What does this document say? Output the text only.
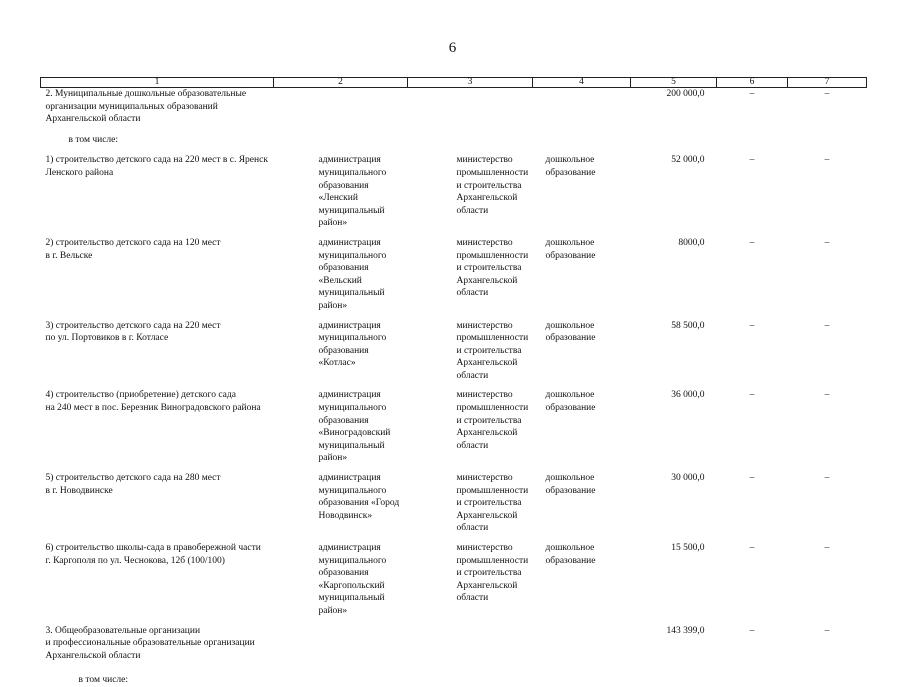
6
1	2	3	4	5	6	7

2. Муниципальные дошкольные образовательные
организации муниципальных образований
Архангельской области
в том числе:				200 000,0	–	–

1) строительство детского сада на 220 мест в с. Яренск
Ленского района	администрация
муниципального
образования «Ленский
муниципальный район»	министерство
промышленности
и строительства
Архангельской области	дошкольное
образование	52 000,0	–	–

2) строительство детского сада на 120 мест
в г. Вельске	администрация
муниципального
образования «Вельский
муниципальный район»	министерство
промышленности
и строительства
Архангельской области	дошкольное
образование	8000,0	–	–

3) строительство детского сада на 220 мест
по ул. Портовиков в г. Котласе	администрация
муниципального
образования «Котлас»	министерство
промышленности
и строительства
Архангельской области	дошкольное
образование	58 500,0	–	–

4) строительство (приобретение) детского сада
на 240 мест в пос. Березник Виноградовского района	администрация
муниципального
образования
«Виноградовский
муниципальный район»	министерство
промышленности
и строительства
Архангельской области	дошкольное
образование	36 000,0	–	–

5) строительство детского сада на 280 мест
в г. Новодвинске	администрация
муниципального
образования «Город
Новодвинск»	министерство
промышленности
и строительства
Архангельской области	дошкольное
образование	30 000,0	–	–

6) строительство школы-сада в правобережной части
г. Каргополя по ул. Чеснокова, 12б (100/100)	администрация
муниципального
образования
«Каргопольский
муниципальный район»	министерство
промышленности
и строительства
Архангельской области	дошкольное
образование	15 500,0	–	–

3. Общеобразовательные организации
и профессиональные образовательные организации
Архангельской области
в том числе:				143 399,0	–	–
